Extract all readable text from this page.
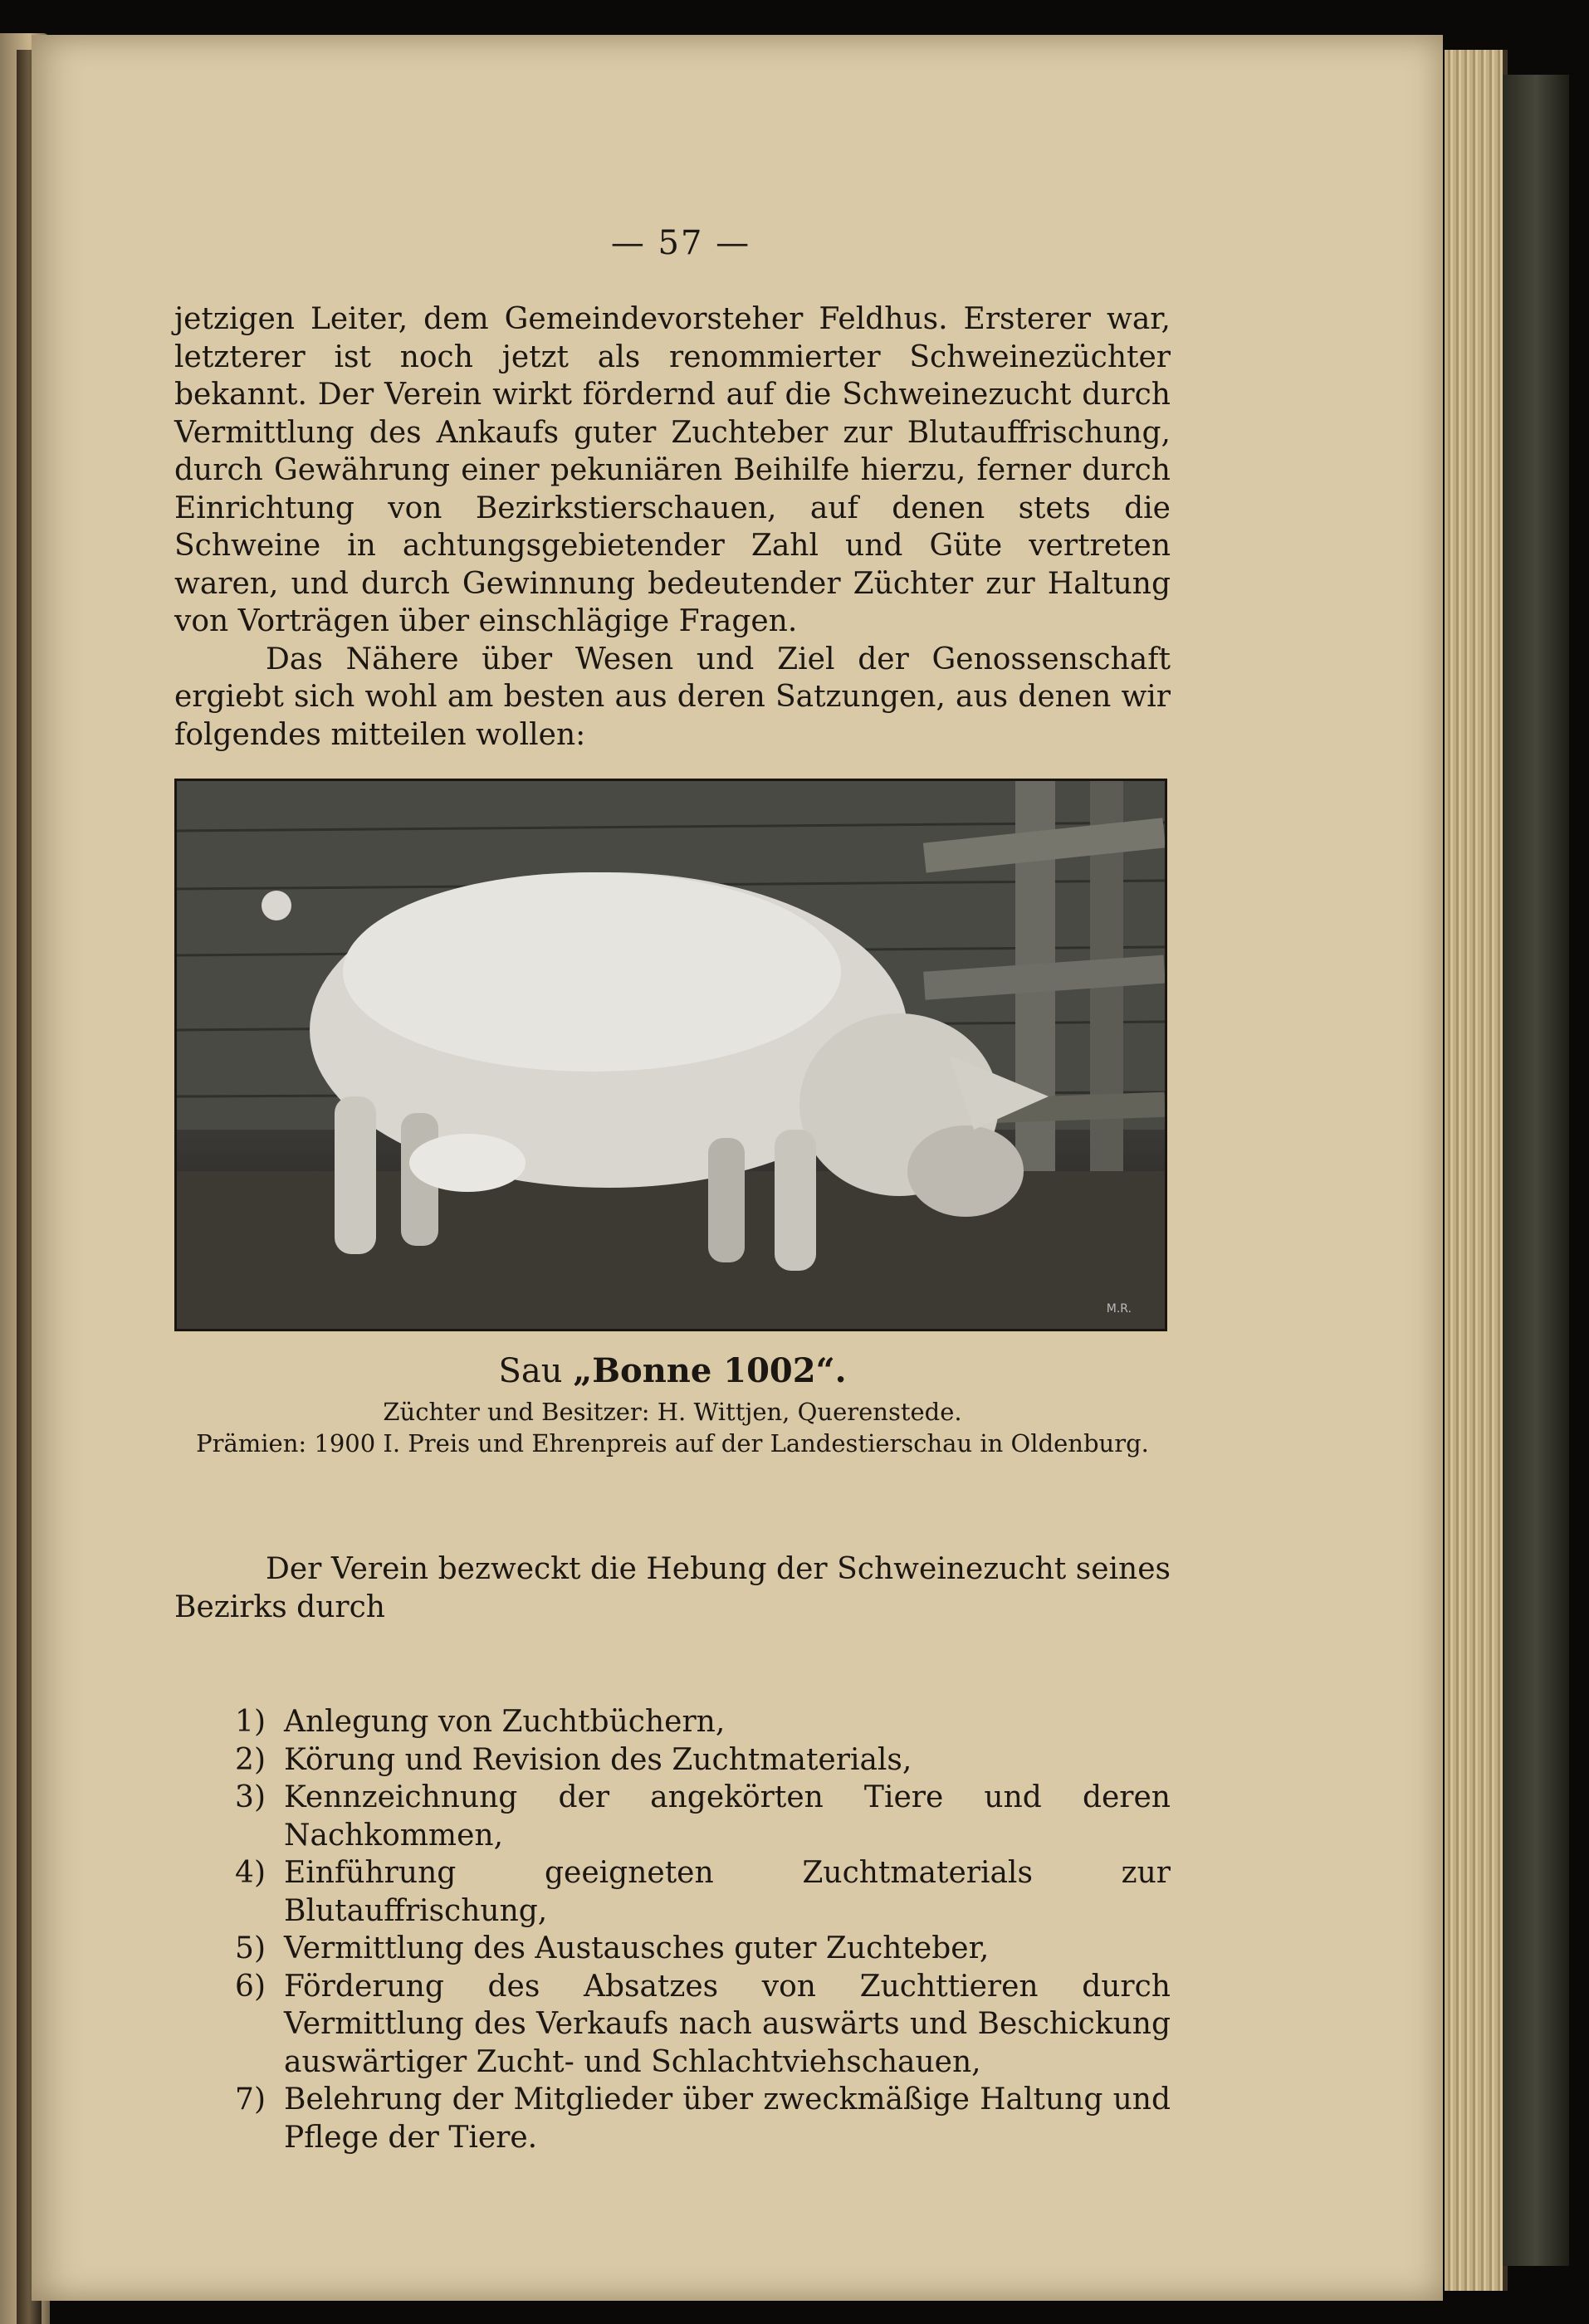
— 57 —

jetzigen Leiter, dem Gemeindevorsteher Feldhus. Ersterer war, letzterer ist noch jetzt als renommierter Schweinezüchter bekannt. Der Verein wirkt fördernd auf die Schweinezucht durch Vermittlung des Ankaufs guter Zuchteber zur Blutauffrischung, durch Gewährung einer pekuniären Beihilfe hierzu, ferner durch Einrichtung von Bezirkstierschauen, auf denen stets die Schweine in achtungsgebietender Zahl und Güte vertreten waren, und durch Gewinnung bedeutender Züchter zur Haltung von Vorträgen über einschlägige Fragen.

Das Nähere über Wesen und Ziel der Genossenschaft ergiebt sich wohl am besten aus deren Satzungen, aus denen wir folgendes mitteilen wollen:

M.R.
Sau „Bonne 1002“.
Züchter und Besitzer: H. Wittjen, Querenstede.
Prämien: 1900 I. Preis und Ehrenpreis auf der Landestierschau in Oldenburg.

Der Verein bezweckt die Hebung der Schweinezucht seines Bezirks durch

1) Anlegung von Zuchtbüchern,
2) Körung und Revision des Zuchtmaterials,
3) Kennzeichnung der angekörten Tiere und deren Nachkommen,
4) Einführung geeigneten Zuchtmaterials zur Blutauffrischung,
5) Vermittlung des Austausches guter Zuchteber,
6) Förderung des Absatzes von Zuchttieren durch Vermittlung des Verkaufs nach auswärts und Beschickung auswärtiger Zucht- und Schlachtviehschauen,
7) Belehrung der Mitglieder über zweckmäßige Haltung und Pflege der Tiere.
